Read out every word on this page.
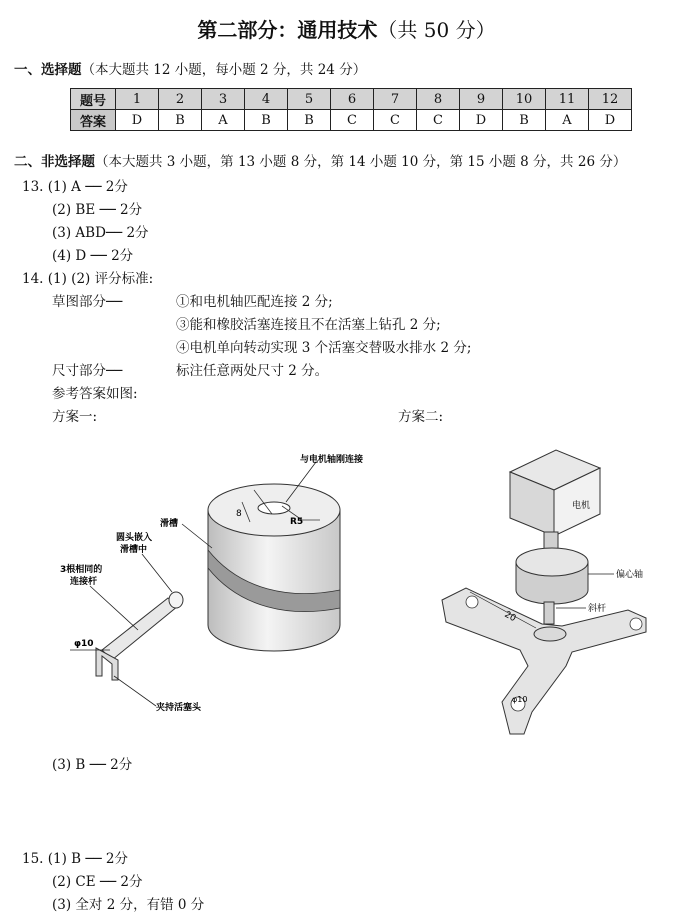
第二部分：通用技术（共 50 分）
一、选择题（本大题共 12 小题，每小题 2 分，共 24 分）
题号	1	2	3	4	5	6	7	8	9	10	11	12
答案	D	B	A	B	B	C	C	C	D	B	A	D
二、非选择题（本大题共 3 小题，第 13 小题 8 分，第 14 小题 10 分，第 15 小题 8 分，共 26 分）
13. (1) A ── 2分
(2) BE ── 2分
(3) ABD── 2分
(4) D ── 2分
14. (1) (2) 评分标准:
草图部分──	①和电机轴匹配连接 2 分;
③能和橡胶活塞连接且不在活塞上钻孔 2 分;
④电机单向转动实现 3 个活塞交替吸水排水 2 分;
尺寸部分──	标注任意两处尺寸 2 分。
参考答案如图:
方案一:	方案二:
8
R5
与电机轴刚连接
滑槽
圆头嵌入
滑槽中
3根相同的
连接杆
φ10
夹持活塞头
电机
偏心轴
斜杆
20
φ10
(3) B ── 2分
15. (1) B ── 2分
(2) CE ── 2分
(3) 全对 2 分，有错 0 分
